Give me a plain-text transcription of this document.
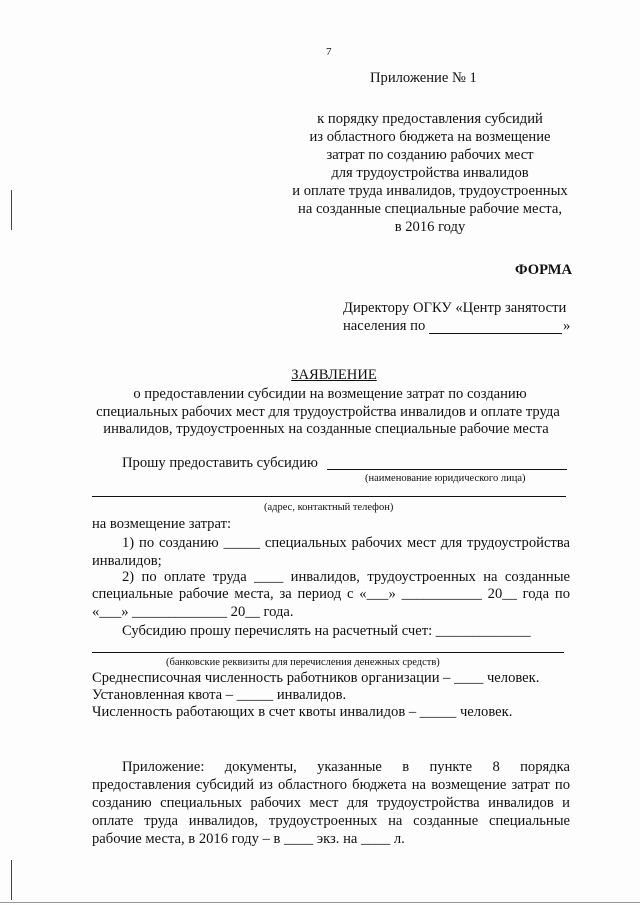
7
Приложение № 1
к порядку предоставления субсидий
из областного бюджета на возмещение
затрат по созданию рабочих мест
для трудоустройства инвалидов
и оплате труда инвалидов, трудоустроенных
на созданные специальные рабочие места,
в 2016 году
ФОРМА
Директору ОГКУ «Центр занятости
населения по	»
ЗАЯВЛЕНИЕ
о предоставлении субсидии на возмещение затрат по созданию
специальных рабочих мест для трудоустройства инвалидов и оплате труда
инвалидов, трудоустроенных на созданные специальные рабочие места
Прошу предоставить субсидию
(наименование юридического лица)
(адрес, контактный телефон)
на возмещение затрат:
1) по созданию _____ специальных рабочих мест для трудоустройства
инвалидов;
2) по оплате труда ____ инвалидов, трудоустроенных на созданные
специальные рабочие места, за период с «___» ___________ 20__ года по
«___» _____________ 20__ года.
Субсидию прошу перечислять на расчетный счет: _____________
(банковские реквизиты для перечисления денежных средств)
Среднесписочная численность работников организации – ____ человек.
Установленная квота – _____ инвалидов.
Численность работающих в счет квоты инвалидов – _____ человек.
Приложение: документы, указанные в пункте 8 порядка
предоставления субсидий из областного бюджета на возмещение затрат по
созданию специальных рабочих мест для трудоустройства инвалидов и
оплате труда инвалидов, трудоустроенных на созданные специальные
рабочие места, в 2016 году – в ____ экз. на ____ л.
